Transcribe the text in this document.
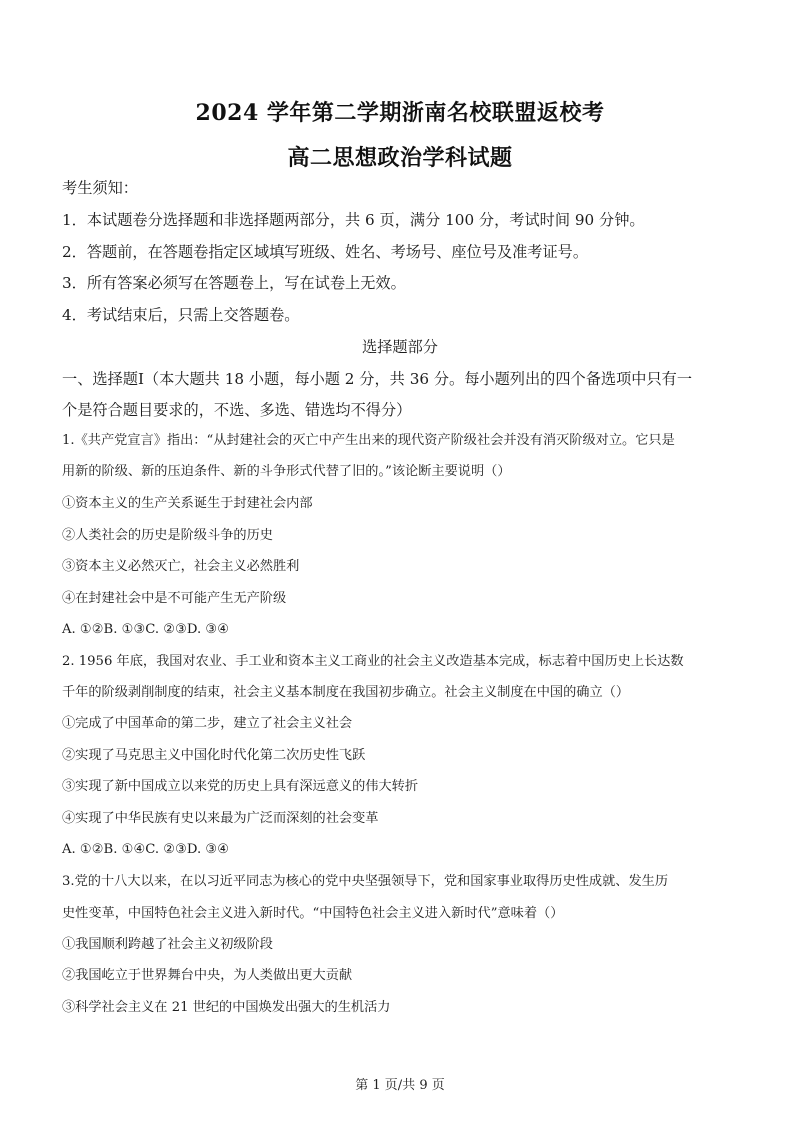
2024 学年第二学期浙南名校联盟返校考
高二思想政治学科试题
考生须知：
1．本试题卷分选择题和非选择题两部分，共 6 页，满分 100 分，考试时间 90 分钟。
2．答题前，在答题卷指定区域填写班级、姓名、考场号、座位号及准考证号。
3．所有答案必须写在答题卷上，写在试卷上无效。
4．考试结束后，只需上交答题卷。
选择题部分
一、选择题Ⅰ（本大题共 18 小题，每小题 2 分，共 36 分。每小题列出的四个备选项中只有一
个是符合题目要求的，不选、多选、错选均不得分）
1.《共产党宣言》指出：“从封建社会的灭亡中产生出来的现代资产阶级社会并没有消灭阶级对立。它只是
用新的阶级、新的压迫条件、新的斗争形式代替了旧的。”该论断主要说明（）
①资本主义的生产关系诞生于封建社会内部
②人类社会的历史是阶级斗争的历史
③资本主义必然灭亡，社会主义必然胜利
④在封建社会中是不可能产生无产阶级
A. ①②B. ①③C. ②③D. ③④
2. 1956 年底，我国对农业、手工业和资本主义工商业的社会主义改造基本完成，标志着中国历史上长达数
千年的阶级剥削制度的结束，社会主义基本制度在我国初步确立。社会主义制度在中国的确立（）
①完成了中国革命的第二步，建立了社会主义社会
②实现了马克思主义中国化时代化第二次历史性飞跃
③实现了新中国成立以来党的历史上具有深远意义的伟大转折
④实现了中华民族有史以来最为广泛而深刻的社会变革
A. ①②B. ①④C. ②③D. ③④
3.党的十八大以来，在以习近平同志为核心的党中央坚强领导下，党和国家事业取得历史性成就、发生历
史性变革，中国特色社会主义进入新时代。“中国特色社会主义进入新时代”意味着（）
①我国顺利跨越了社会主义初级阶段
②我国屹立于世界舞台中央，为人类做出更大贡献
③科学社会主义在 21 世纪的中国焕发出强大的生机活力
第 1 页/共 9 页
